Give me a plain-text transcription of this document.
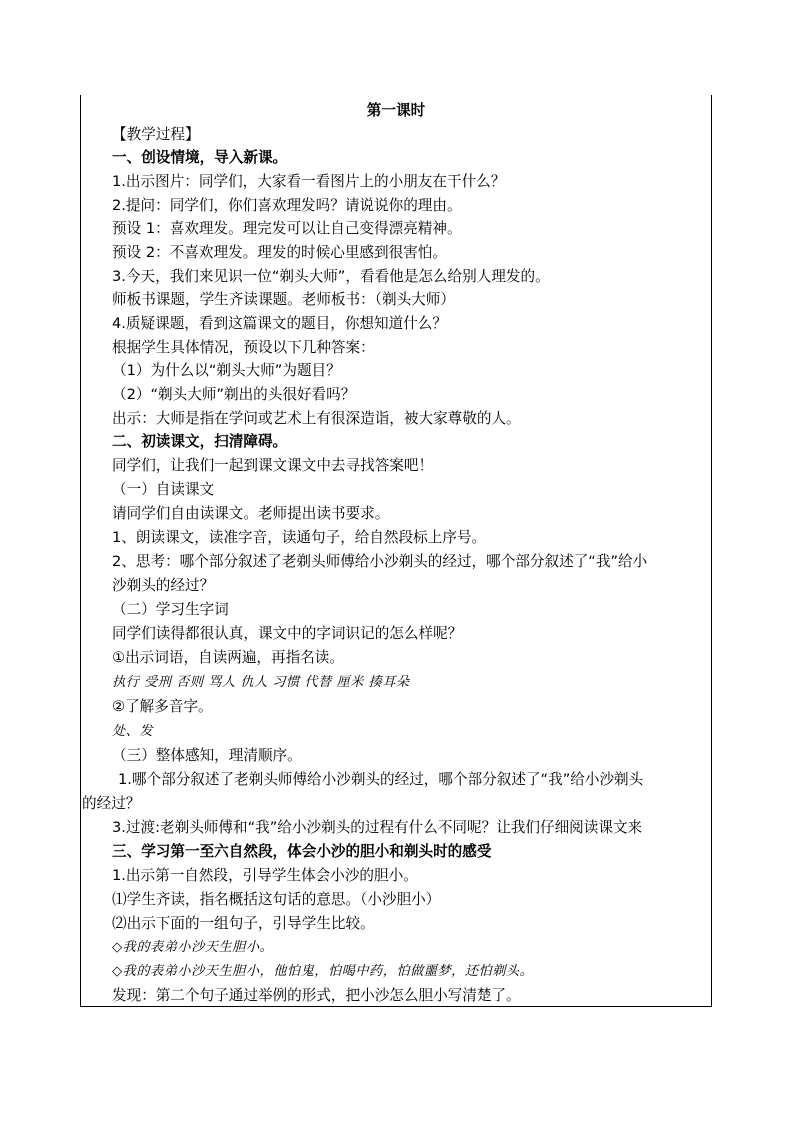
第一课时
【教学过程】
一、创设情境，导入新课。
1.出示图片：同学们，大家看一看图片上的小朋友在干什么？
2.提问：同学们，你们喜欢理发吗？请说说你的理由。
预设 1：喜欢理发。理完发可以让自己变得漂亮精神。
预设 2：不喜欢理发。理发的时候心里感到很害怕。
3.今天，我们来见识一位“剃头大师”，看看他是怎么给别人理发的。
师板书课题，学生齐读课题。老师板书：（剃头大师）
4.质疑课题，看到这篇课文的题目，你想知道什么？
根据学生具体情况，预设以下几种答案：
（1）为什么以“剃头大师”为题目？
（2）“剃头大师”剃出的头很好看吗？
出示：大师是指在学问或艺术上有很深造诣，被大家尊敬的人。
二、初读课文，扫清障碍。
同学们，让我们一起到课文课文中去寻找答案吧！
（一）自读课文
请同学们自由读课文。老师提出读书要求。
1、朗读课文，读准字音，读通句子，给自然段标上序号。
2、思考：哪个部分叙述了老剃头师傅给小沙剃头的经过，哪个部分叙述了“我”给小
沙剃头的经过？
（二）学习生字词
同学们读得都很认真，课文中的字词识记的怎么样呢？
①出示词语，自读两遍，再指名读。
执行 受刑 否则 骂人 仇人 习惯 代替 厘米 揍耳朵
②了解多音字。
处、发
（三）整体感知，理清顺序。
1.哪个部分叙述了老剃头师傅给小沙剃头的经过，哪个部分叙述了“我”给小沙剃头
的经过？
3.过渡:老剃头师傅和“我”给小沙剃头的过程有什么不同呢？让我们仔细阅读课文来
三、学习第一至六自然段，体会小沙的胆小和剃头时的感受
1.出示第一自然段，引导学生体会小沙的胆小。
⑴学生齐读，指名概括这句话的意思。（小沙胆小）
⑵出示下面的一组句子，引导学生比较。
◇我的表弟小沙天生胆小。
◇我的表弟小沙天生胆小，他怕鬼，怕喝中药，怕做噩梦，还怕剃头。
发现：第二个句子通过举例的形式，把小沙怎么胆小写清楚了。
